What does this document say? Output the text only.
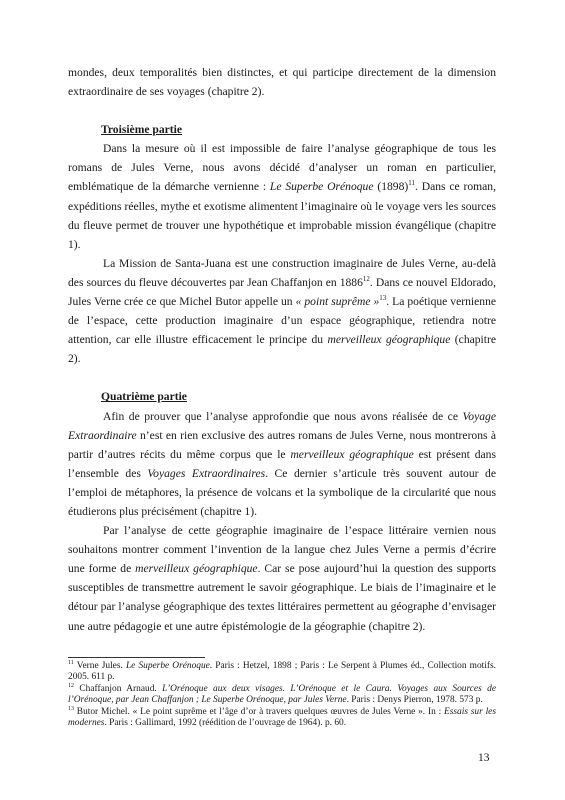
mondes, deux temporalités bien distinctes, et qui participe directement de la dimension extraordinaire de ses voyages (chapitre 2).

Troisième partie

Dans la mesure où il est impossible de faire l’analyse géographique de tous les romans de Jules Verne, nous avons décidé d’analyser un roman en particulier, emblématique de la démarche vernienne : Le Superbe Orénoque $(1898)^{11}$. Dans ce roman, expéditions réelles, mythe et exotisme alimentent l’imaginaire où le voyage vers les sources du fleuve permet de trouver une hypothétique et improbable mission évangélique (chapitre 1).

La Mission de Santa-Juana est une construction imaginaire de Jules Verne, au-delà des sources du fleuve découvertes par Jean Chaffanjon en 1886$^{12}$. Dans ce nouvel Eldorado, Jules Verne crée ce que Michel Butor appelle un « point suprême »$^{13}$. La poétique vernienne de l’espace, cette production imaginaire d’un espace géographique, retiendra notre attention, car elle illustre efficacement le principe du merveilleux géographique (chapitre 2).

Quatrième partie

Afin de prouver que l’analyse approfondie que nous avons réalisée de ce Voyage Extraordinaire n’est en rien exclusive des autres romans de Jules Verne, nous montrerons à partir d’autres récits du même corpus que le merveilleux géographique est présent dans l’ensemble des Voyages Extraordinaires. Ce dernier s’articule très souvent autour de l’emploi de métaphores, la présence de volcans et la symbolique de la circularité que nous étudierons plus précisément (chapitre 1).

Par l’analyse de cette géographie imaginaire de l’espace littéraire vernien nous souhaitons montrer comment l’invention de la langue chez Jules Verne a permis d’écrire une forme de merveilleux géographique. Car se pose aujourd’hui la question des supports susceptibles de transmettre autrement le savoir géographique. Le biais de l’imaginaire et le détour par l’analyse géographique des textes littéraires permettent au géographe d’envisager une autre pédagogie et une autre épistémologie de la géographie (chapitre 2).

$^{11}$ Verne Jules. Le Superbe Orénoque. Paris : Hetzel, 1898 ; Paris : Le Serpent à Plumes éd., Collection motifs. 2005. 611 p.

$^{12}$ Chaffanjon Arnaud. L’Orénoque aux deux visages. L’Orénoque et le Caura. Voyages aux Sources de l’Orénoque, par Jean Chaffanjon ; Le Superbe Orénoque, par Jules Verne. Paris : Denys Pierron, 1978. 573 p.

$^{13}$ Butor Michel. « Le point suprême et l’âge d’or à travers quelques œuvres de Jules Verne ». In : Essais sur les modernes. Paris : Gallimard, 1992 (réédition de l’ouvrage de 1964). p. 60.

13
